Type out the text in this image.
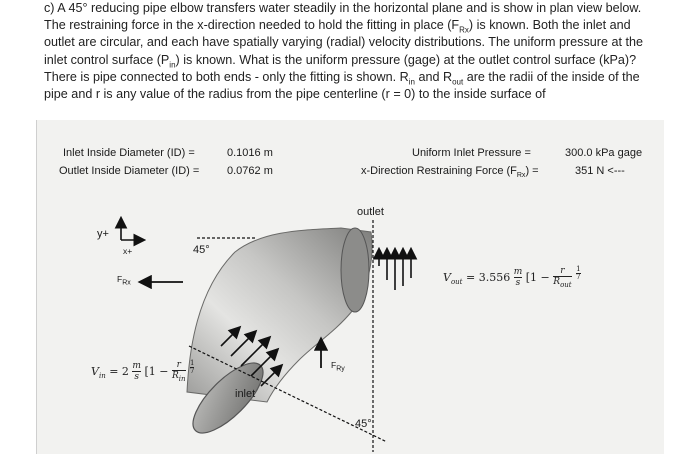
c) A 45° reducing pipe elbow transfers water steadily in the horizontal plane and is show in plan view below. The restraining force in the x-direction needed to hold the fitting in place $(F_{Rx})$ is known. Both the inlet and outlet are circular, and each have spatially varying (radial) velocity distributions. The uniform pressure at the inlet control surface $(P_{in})$ is known. What is the uniform pressure (gage) at the outlet control surface (kPa)? There is pipe connected to both ends - only the fitting is shown. $R_{in}$ and $R_{out}$ are the radii of the inside of the pipe and r is any value of the radius from the pipe centerline (r = 0) to the inside surface of
Inlet Inside Diameter (ID) =	0.1016 m
Outlet Inside Diameter (ID) =	0.0762 m
Uniform Inlet Pressure =	300.0 kPa gage
x-Direction Restraining Force $(F_{Rx})$ =	351 N <---
outlet
inlet
45°
45°
y+
x+
$F_{Rx}$
$F_{Ry}$
$V_{out} = 3.556 \frac{m}{s} [1$ −	r
$R_{out}$

$\frac{1}{7}$
$V_{in} = 2 \frac{m}{s} [1 - r$
$R_{in}$

$\frac{1}{7}$
